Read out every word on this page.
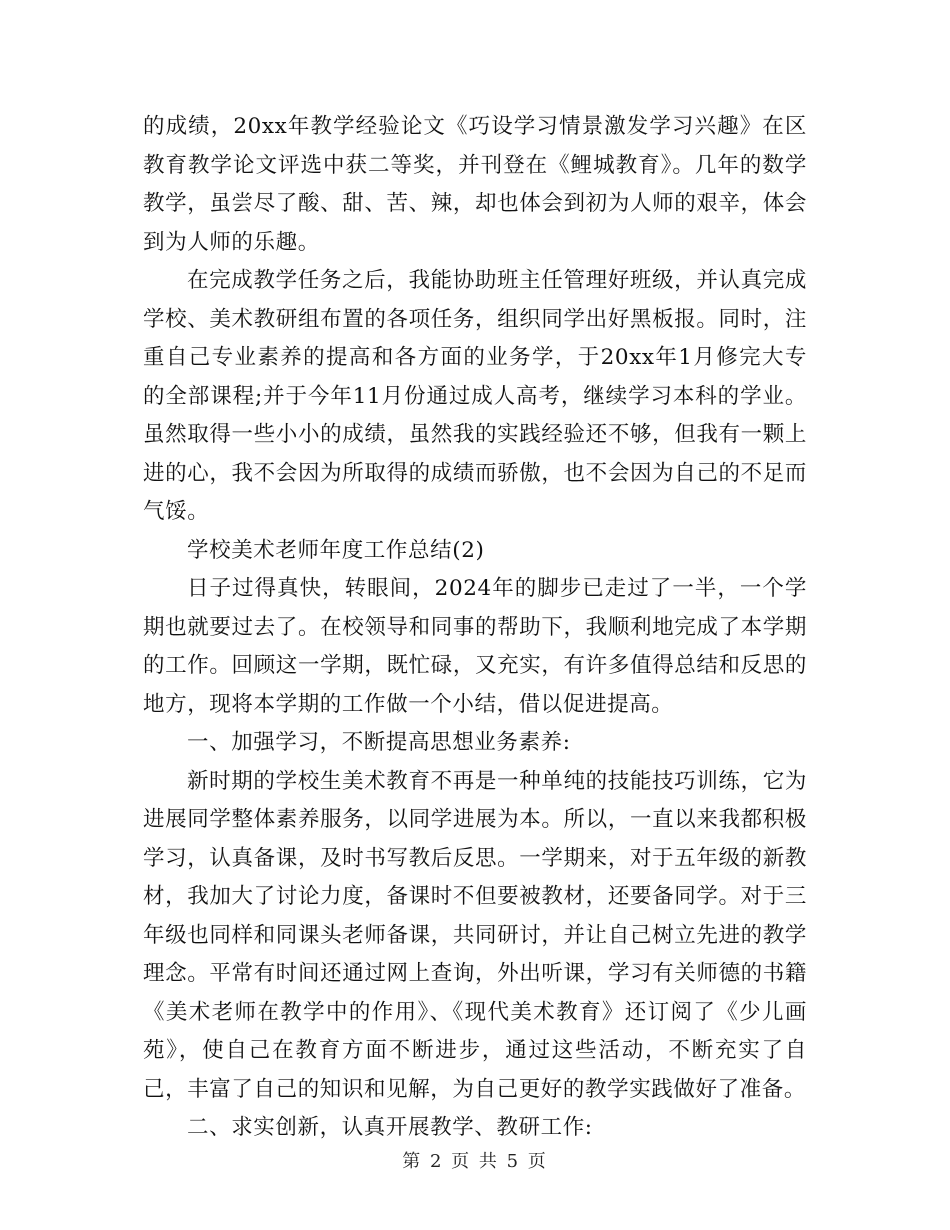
的成绩，20xx年教学经验论文《巧设学习情景激发学习兴趣》在区教育教学论文评选中获二等奖，并刊登在《鲤城教育》。几年的数学教学，虽尝尽了酸、甜、苦、辣，却也体会到初为人师的艰辛，体会到为人师的乐趣。

在完成教学任务之后，我能协助班主任管理好班级，并认真完成学校、美术教研组布置的各项任务，组织同学出好黑板报。同时，注重自己专业素养的提高和各方面的业务学，于20xx年1月修完大专的全部课程;并于今年11月份通过成人高考，继续学习本科的学业。虽然取得一些小小的成绩，虽然我的实践经验还不够，但我有一颗上进的心，我不会因为所取得的成绩而骄傲，也不会因为自己的不足而气馁。

学校美术老师年度工作总结(2)

日子过得真快，转眼间，2024年的脚步已走过了一半，一个学期也就要过去了。在校领导和同事的帮助下，我顺利地完成了本学期的工作。回顾这一学期，既忙碌，又充实，有许多值得总结和反思的地方，现将本学期的工作做一个小结，借以促进提高。

一、加强学习，不断提高思想业务素养:

新时期的学校生美术教育不再是一种单纯的技能技巧训练，它为进展同学整体素养服务，以同学进展为本。所以，一直以来我都积极学习，认真备课，及时书写教后反思。一学期来，对于五年级的新教材，我加大了讨论力度，备课时不但要被教材，还要备同学。对于三年级也同样和同课头老师备课，共同研讨，并让自己树立先进的教学理念。平常有时间还通过网上查询，外出听课，学习有关师德的书籍《美术老师在教学中的作用》、《现代美术教育》还订阅了《少儿画苑》，使自己在教育方面不断进步，通过这些活动，不断充实了自己，丰富了自己的知识和见解，为自己更好的教学实践做好了准备。

二、求实创新，认真开展教学、教研工作:

第 2 页 共 5 页
